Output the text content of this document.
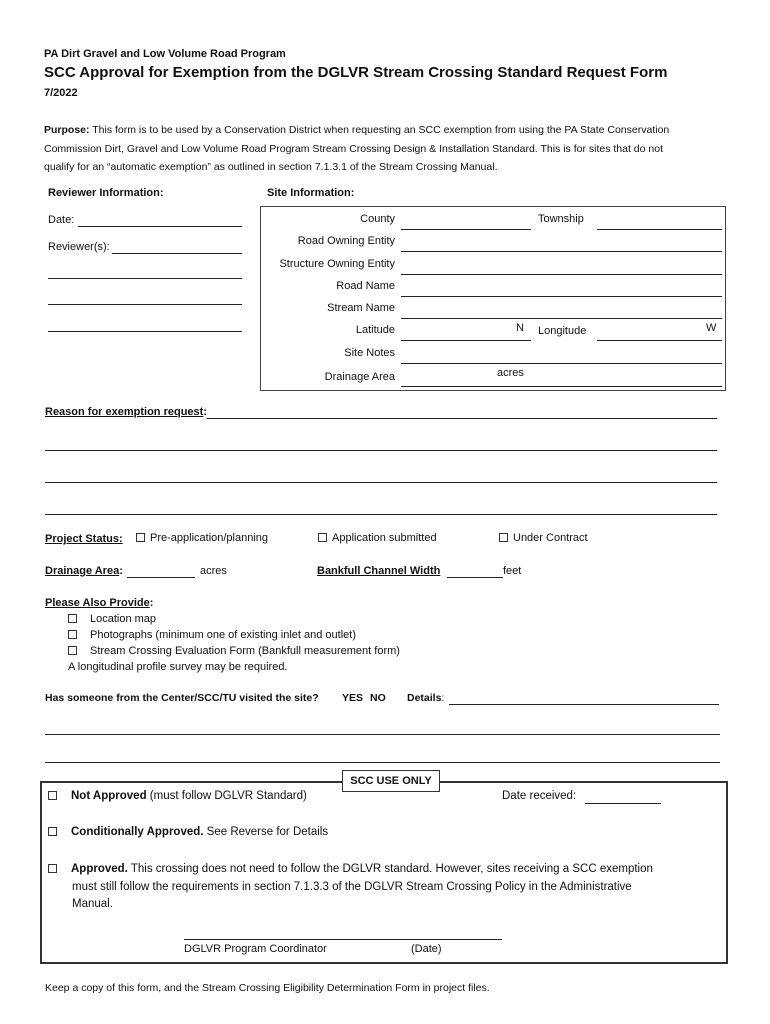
PA Dirt Gravel and Low Volume Road Program
SCC Approval for Exemption from the DGLVR Stream Crossing Standard Request Form
7/2022
Purpose: This form is to be used by a Conservation District when requesting an SCC exemption from using the PA State Conservation
Commission Dirt, Gravel and Low Volume Road Program Stream Crossing Design & Installation Standard. This is for sites that do not
qualify for an “automatic exemption” as outlined in section 7.1.3.1 of the Stream Crossing Manual.
Reviewer Information:
Date:
Reviewer(s):
Site Information:
County	Township
Road Owning Entity
Structure Owning Entity
Road Name
Stream Name
Latitude	N Longitude	W
Site Notes
Drainage Area	acres
Reason for exemption request:
Project Status:	Pre-application/planning	Application submitted	Under Contract
Drainage Area:	acres	Bankfull Channel Width	feet
Please Also Provide:
Location map
Photographs (minimum one of existing inlet and outlet)
Stream Crossing Evaluation Form (Bankfull measurement form)
A longitudinal profile survey may be required.
Has someone from the Center/SCC/TU visited the site? YES NO Details:
SCC USE ONLY
Not Approved (must follow DGLVR Standard)	Date received:
Conditionally Approved. See Reverse for Details
Approved. This crossing does not need to follow the DGLVR standard. However, sites receiving a SCC exemption
must still follow the requirements in section 7.1.3.3 of the DGLVR Stream Crossing Policy in the Administrative
Manual.
DGLVR Program Coordinator	(Date)
Keep a copy of this form, and the Stream Crossing Eligibility Determination Form in project files.
